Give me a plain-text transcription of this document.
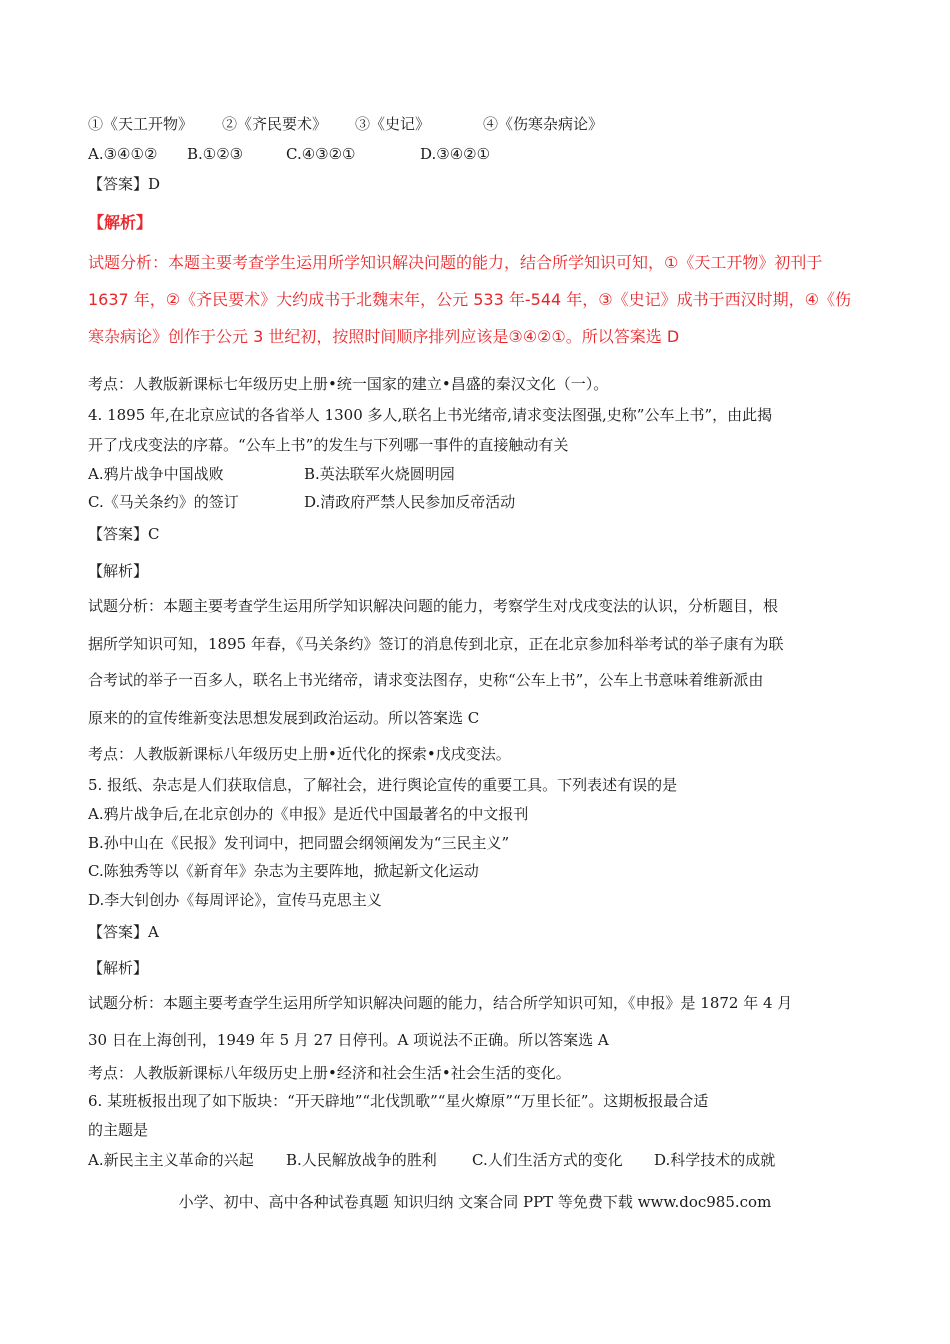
①《天工开物》 ②《齐民要术》 ③《史记》	④《伤寒杂病论》
A.③④①② B.①②③	C.④③②①	D.③④②①
【答案】D
【解析】
试题分析：本题主要考查学生运用所学知识解决问题的能力，结合所学知识可知，①《天工开物》初刊于
1637 年，②《齐民要术》大约成书于北魏末年，公元 533 年-544 年，③《史记》成书于西汉时期，④《伤
寒杂病论》创作于公元 3 世纪初，按照时间顺序排列应该是③④②①。所以答案选 D
考点：人教版新课标七年级历史上册•统一国家的建立•昌盛的秦汉文化（一）。
4. 1895 年,在北京应试的各省举人 1300 多人,联名上书光绪帝,请求变法图强,史称”公车上书”，由此揭
开了戊戌变法的序幕。“公车上书”的发生与下列哪一事件的直接触动有关
A.鸦片战争中国战败	B.英法联军火烧圆明园
C.《马关条约》的签订	D.清政府严禁人民参加反帝活动
【答案】C
【解析】
试题分析：本题主要考查学生运用所学知识解决问题的能力，考察学生对戊戌变法的认识，分析题目，根
据所学知识可知，1895 年春，《马关条约》签订的消息传到北京，正在北京参加科举考试的举子康有为联
合考试的举子一百多人，联名上书光绪帝，请求变法图存，史称“公车上书”，公车上书意味着维新派由
原来的的宣传维新变法思想发展到政治运动。所以答案选 C
考点：人教版新课标八年级历史上册•近代化的探索•戊戌变法。
5. 报纸、杂志是人们获取信息，了解社会，进行舆论宣传的重要工具。下列表述有误的是
A.鸦片战争后,在北京创办的《申报》是近代中国最著名的中文报刊
B.孙中山在《民报》发刊词中，把同盟会纲领阐发为“三民主义”
C.陈独秀等以《新育年》杂志为主要阵地，掀起新文化运动
D.李大钊创办《每周评论》，宣传马克思主义
【答案】A
【解析】
试题分析：本题主要考查学生运用所学知识解决问题的能力，结合所学知识可知，《申报》是 1872 年 4 月
30 日在上海创刊，1949 年 5 月 27 日停刊。A 项说法不正确。所以答案选 A
考点：人教版新课标八年级历史上册•经济和社会生活•社会生活的变化。
6. 某班板报出现了如下版块：“开天辟地”“北伐凯歌”“星火燎原”“万里长征”。这期板报最合适
的主题是
A.新民主主义革命的兴起 B.人民解放战争的胜利 C.人们生活方式的变化 D.科学技术的成就
小学、初中、高中各种试卷真题 知识归纳 文案合同 PPT 等免费下载 www.doc985.com
